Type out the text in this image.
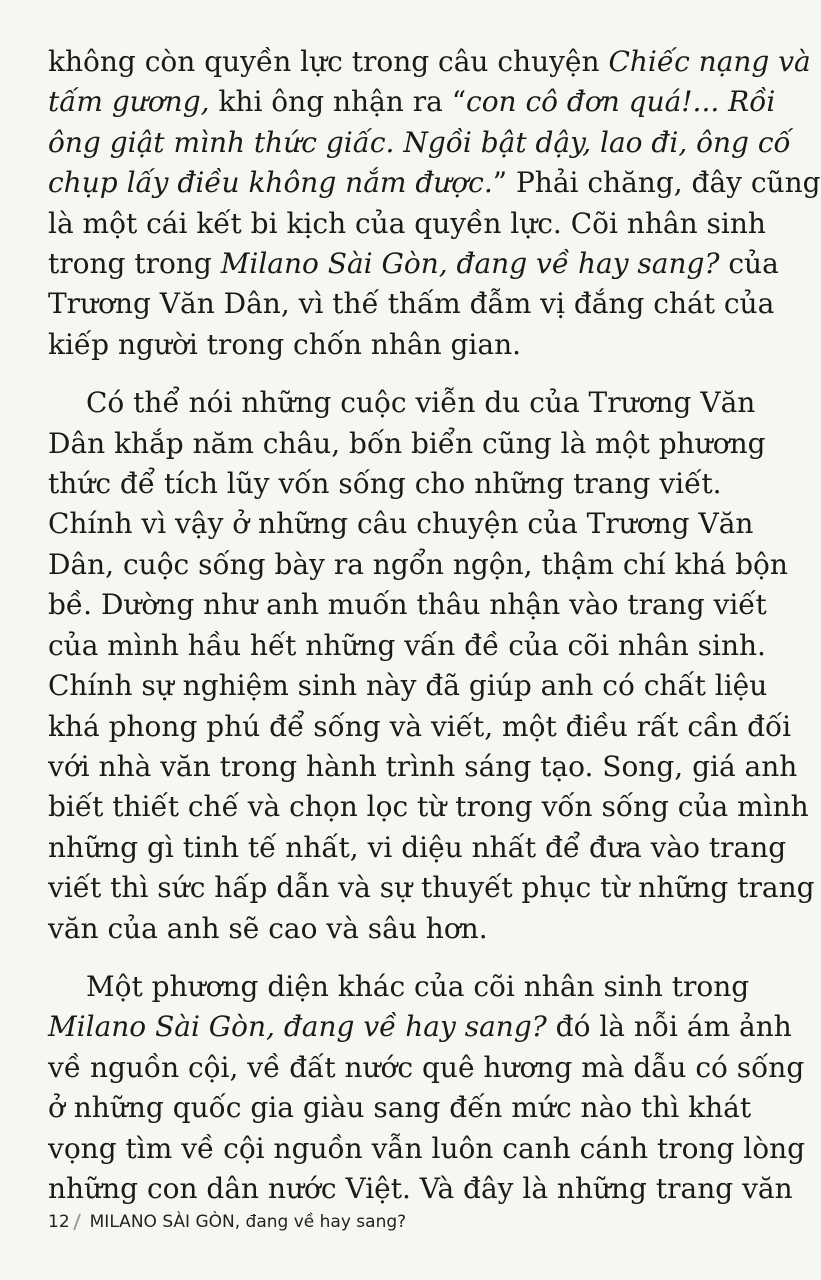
không còn quyền lực trong câu chuyện Chiếc nạng và

tấm gương, khi ông nhận ra “con cô đơn quá!... Rồi

ông giật mình thức giấc. Ngồi bật dậy, lao đi, ông cố

chụp lấy điều không nắm được.” Phải chăng, đây cũng

là một cái kết bi kịch của quyền lực. Cõi nhân sinh

trong trong Milano Sài Gòn, đang về hay sang? của

Trương Văn Dân, vì thế thấm đẫm vị đắng chát của

kiếp người trong chốn nhân gian.

Có thể nói những cuộc viễn du của Trương Văn

Dân khắp năm châu, bốn biển cũng là một phương

thức để tích lũy vốn sống cho những trang viết.

Chính vì vậy ở những câu chuyện của Trương Văn

Dân, cuộc sống bày ra ngổn ngộn, thậm chí khá bộn

bề. Dường như anh muốn thâu nhận vào trang viết

của mình hầu hết những vấn đề của cõi nhân sinh.

Chính sự nghiệm sinh này đã giúp anh có chất liệu

khá phong phú để sống và viết, một điều rất cần đối

với nhà văn trong hành trình sáng tạo. Song, giá anh

biết thiết chế và chọn lọc từ trong vốn sống của mình

những gì tinh tế nhất, vi diệu nhất để đưa vào trang

viết thì sức hấp dẫn và sự thuyết phục từ những trang

văn của anh sẽ cao và sâu hơn.

Một phương diện khác của cõi nhân sinh trong

Milano Sài Gòn, đang về hay sang? đó là nỗi ám ảnh

về nguồn cội, về đất nước quê hương mà dẫu có sống

ở những quốc gia giàu sang đến mức nào thì khát

vọng tìm về cội nguồn vẫn luôn canh cánh trong lòng

những con dân nước Việt. Và đây là những trang văn

12 MILANO SÀI GÒN, đang về hay sang?
